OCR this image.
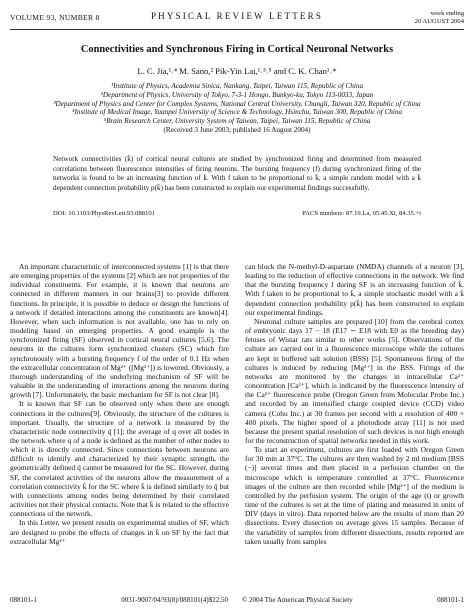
VOLUME 93, NUMBER 8	PHYSICAL REVIEW LETTERS	week ending
20 AUGUST 2004
Connectivities and Synchronous Firing in Cortical Neuronal Networks
L. C. Jia,¹˒⁴ M. Sano,² Pik-Yin Lai,¹˒³˒⁵ and C. K. Chan¹˒*
¹Institute of Physics, Academia Sinica, Nankang, Taipei, Taiwan 115, Republic of China
²Department of Physics, University of Tokyo, 7-3-1 Hongo, Bunkyo-ku, Tokyo 113-0033, Japan
³Department of Physics and Center for Complex Systems, National Central University, Chungli, Taiwan 320, Republic of China
⁴Institute of Medical Image, Yuanpei University of Science & Technology, Hsinchu, Taiwan 300, Republic of China
⁵Brain Research Center, University System of Taiwan, Taipei, Taiwan 115, Republic of China
(Received 3 June 2003; published 16 August 2004)
Network connectivities (k̄) of cortical neural cultures are studied by synchronized firing and determined from measured correlations between fluorescence intensities of firing neurons. The bursting frequency (f) during synchronized firing of the networks is found to be an increasing function of k̄. With f taken to be proportional to k̄, a simple random model with a k̄ dependent connection probability p(k̄) has been constructed to explain our experimental findings successfully.
DOI: 10.1103/PhysRevLett.93.088101	PACS numbers: 87.19.La, 05.45.Xt, 84.35.+i

An important characteristic of interconnected systems [1] is that there are emerging properties of the systems [2] which are not properties of the individual constituents. For example, it is known that neurons are connected in different manners in our brains[3] to provide different functions. In principle, it is possible to deduce or design the functions of a network if detailed interactions among the constituents are known[4]. However, when such information is not available, one has to rely on modeling based on emerging properties. A good example is the synchronized firing (SF) observed in cortical neural cultures [5,6]. The neurons in the cultures form synchronized clusters (SC) which fire synchronously with a bursting frequency f of the order of 0.1 Hz when the extracellular concentration of Mg²⁺ ([Mg²⁺]) is lowered. Obviously, a thorough understanding of the underlying mechanism of SF will be valuable in the understanding of interactions among the neurons during growth [7]. Unfortunately, the basic mechanism for SF is not clear [8].

It is known that SF can be observed only when there are enough connections in the cultures[9]. Obviously, the structure of the cultures is important. Usually, the structure of a network is measured by the characteristic node connectivity q̄ [1]; the average of q over all nodes in the network where q of a node is defined as the number of other nodes to which it is directly connected. Since connections between neurons are difficult to identify and characterized by their synaptic strength, the geometrically defined q̄ cannot be measured for the SC. However, during SF, the correlated activities of the neurons allow the measurement of a correlation connectivity k̄ for the SC where k̄ is defined similarly to q̄ but with connections among nodes being determined by their correlated activities not their physical contacts. Note that k̄ is related to the effective connections of the network.

In this Letter, we present results on experimental studies of SF, which are designed to probe the effects of changes in k̄ on SF by the fact that extracellular Mg²⁺

can block the N-methyl-D-aspartate (NMDA) channels of a neuron [3], leading to the reduction of effective connections in the network. We find that the bursting frequency f during SF is an increasing function of k̄. With f taken to be proportional to k̄, a simple stochastic model with a k̄ dependent connection probability p(k̄) has been constructed to explain our experimental findings.

Neuronal culture samples are prepared [10] from the cerebral cortex of embryonic days 17 − 18 (E17 ∼ E18 with E0 as the breeding day) fetuses of Wistar rats similar to other works [5]. Observations of the culture are carried out in a fluorescence microscope while the cultures are kept in buffered salt solution (BSS) [5]. Spontaneous firing of the cultures is induced by reducing [Mg²⁺] in the BSS. Firings of the networks are monitored by the changes in intracellular Ca²⁺ concentration [Ca²⁺], which is indicated by the fluorescence intensity of the Ca²⁺ fluorescence probe (Oregon Green from Molecular Probe Inc.) and recorded by an intensified charge coupled device (CCD) video camera (Cohu Inc.) at 30 frames per second with a resolution of 400 × 400 pixels. The higher speed of a photodiode array [11] is not used because the present spatial resolution of such devices is not high enough for the reconstruction of spatial networks needed in this work.

To start an experiment, cultures are first loaded with Oregon Green for 30 min at 37°C. The cultures are then washed by 2 ml medium [BSS (−)] several times and then placed in a perfusion chamber on the microscope which is temperature controlled at 37°C. Fluorescence images of the culture are then recorded while [Mg²⁺] of the medium is controlled by the perfusion system. The origin of the age (t) or growth time of the cultures is set at the time of plating and measured in units of DIV (days in vitro). Data reported below are the results of more than 20 dissections. Every dissection on average gives 15 samples. Because of the variability of samples from different dissections, results reported are taken usually from samples

088101-1	0031-9007/04/93(8)/088101(4)$22.50        © 2004 The American Physical Society	088101-1
